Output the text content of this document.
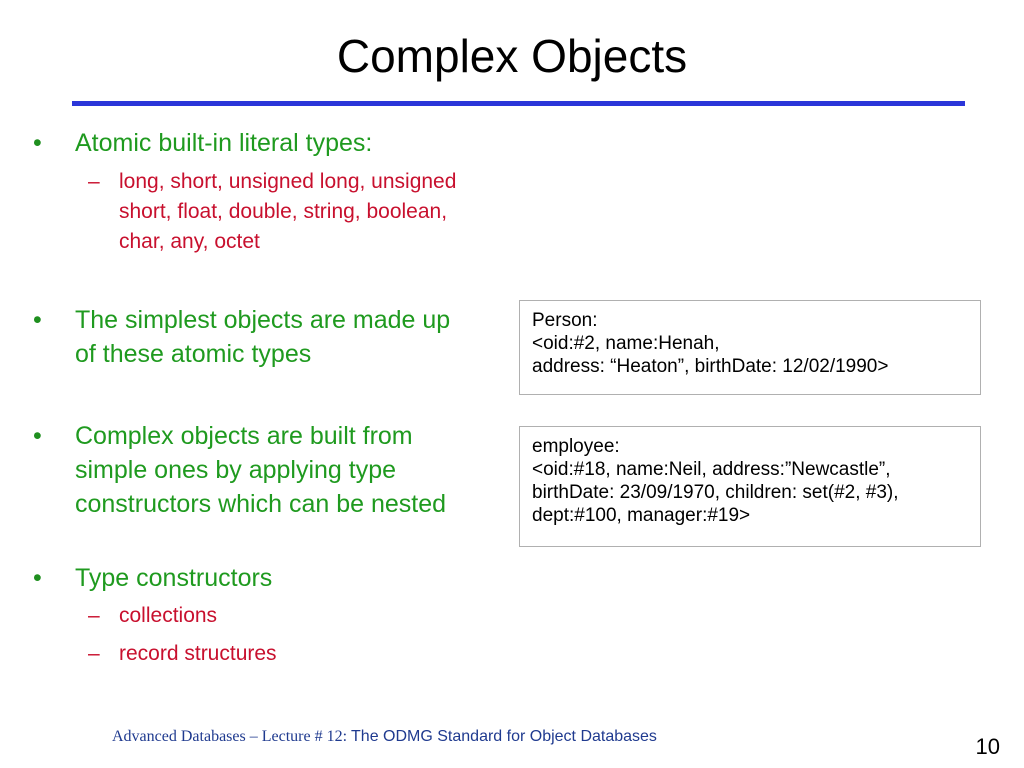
Complex Objects
• Atomic built-in literal types:
– long, short, unsigned long, unsigned short, float, double, string, boolean, char, any, octet
• The simplest objects are made up of these atomic types
• Complex objects are built from simple ones by applying type constructors which can be nested
• Type constructors
– collections
– record structures
Person:
<oid:#2, name:Henah,
address: “Heaton”, birthDate: 12/02/1990>
employee:
<oid:#18, name:Neil, address:”Newcastle”,
birthDate: 23/09/1970, children: set(#2, #3),
dept:#100, manager:#19>
Advanced Databases – Lecture # 12: The ODMG Standard for Object Databases	10
